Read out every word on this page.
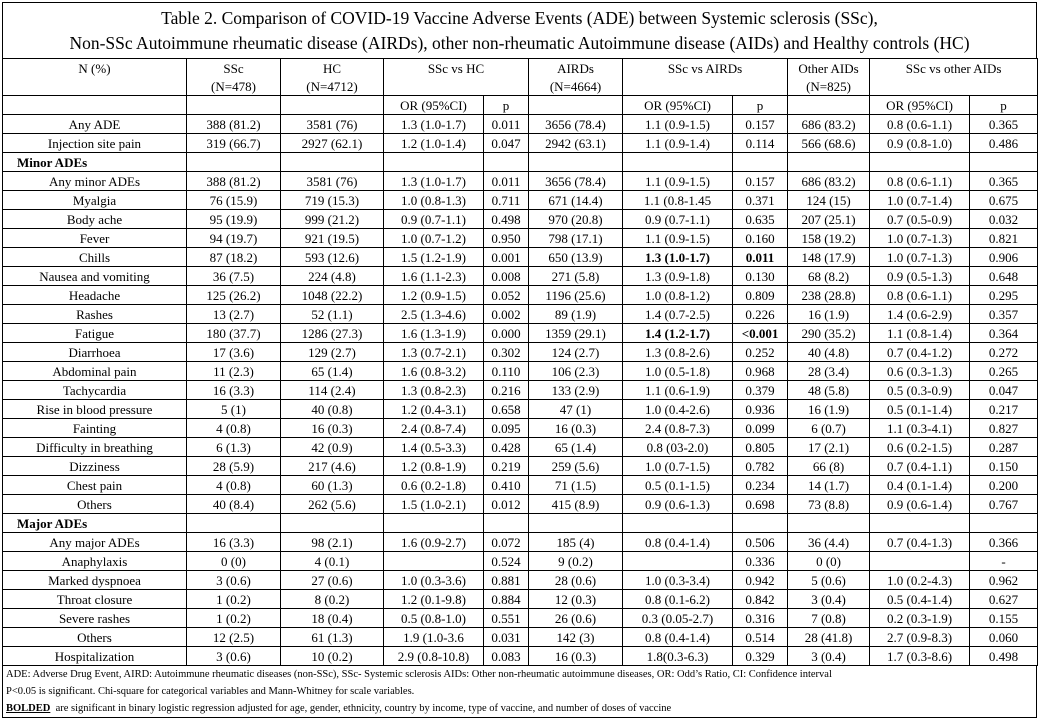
Table 2. Comparison of COVID-19 Vaccine Adverse Events (ADE) between Systemic sclerosis (SSc),
Non-SSc Autoimmune rheumatic disease (AIRDs), other non-rheumatic Autoimmune disease (AIDs) and Healthy controls (HC)
N (%)	SSc	HC	SSc vs HC		AIRDs	SSc vs AIRDs		Other AIDs	SSc vs other AIDs	
	(N=478)	(N=4712)			(N=4664)			(N=825)		
			OR (95%CI)	p		OR (95%CI)	p		OR (95%CI)	p
Any ADE	388 (81.2)	3581 (76)	1.3 (1.0-1.7)	0.011	3656 (78.4)	1.1 (0.9-1.5)	0.157	686 (83.2)	0.8 (0.6-1.1)	0.365
Injection site pain	319 (66.7)	2927 (62.1)	1.2 (1.0-1.4)	0.047	2942 (63.1)	1.1 (0.9-1.4)	0.114	566 (68.6)	0.9 (0.8-1.0)	0.486
Minor ADEs										
Any minor ADEs	388 (81.2)	3581 (76)	1.3 (1.0-1.7)	0.011	3656 (78.4)	1.1 (0.9-1.5)	0.157	686 (83.2)	0.8 (0.6-1.1)	0.365
Myalgia	76 (15.9)	719 (15.3)	1.0 (0.8-1.3)	0.711	671 (14.4)	1.1 (0.8-1.45	0.371	124 (15)	1.0 (0.7-1.4)	0.675
Body ache	95 (19.9)	999 (21.2)	0.9 (0.7-1.1)	0.498	970 (20.8)	0.9 (0.7-1.1)	0.635	207 (25.1)	0.7 (0.5-0.9)	0.032
Fever	94 (19.7)	921 (19.5)	1.0 (0.7-1.2)	0.950	798 (17.1)	1.1 (0.9-1.5)	0.160	158 (19.2)	1.0 (0.7-1.3)	0.821
Chills	87 (18.2)	593 (12.6)	1.5 (1.2-1.9)	0.001	650 (13.9)	1.3 (1.0-1.7)	0.011	148 (17.9)	1.0 (0.7-1.3)	0.906
Nausea and vomiting	36 (7.5)	224 (4.8)	1.6 (1.1-2.3)	0.008	271 (5.8)	1.3 (0.9-1.8)	0.130	68 (8.2)	0.9 (0.5-1.3)	0.648
Headache	125 (26.2)	1048 (22.2)	1.2 (0.9-1.5)	0.052	1196 (25.6)	1.0 (0.8-1.2)	0.809	238 (28.8)	0.8 (0.6-1.1)	0.295
Rashes	13 (2.7)	52 (1.1)	2.5 (1.3-4.6)	0.002	89 (1.9)	1.4 (0.7-2.5)	0.226	16 (1.9)	1.4 (0.6-2.9)	0.357
Fatigue	180 (37.7)	1286 (27.3)	1.6 (1.3-1.9)	0.000	1359 (29.1)	1.4 (1.2-1.7)	<0.001	290 (35.2)	1.1 (0.8-1.4)	0.364
Diarrhoea	17 (3.6)	129 (2.7)	1.3 (0.7-2.1)	0.302	124 (2.7)	1.3 (0.8-2.6)	0.252	40 (4.8)	0.7 (0.4-1.2)	0.272
Abdominal pain	11 (2.3)	65 (1.4)	1.6 (0.8-3.2)	0.110	106 (2.3)	1.0 (0.5-1.8)	0.968	28 (3.4)	0.6 (0.3-1.3)	0.265
Tachycardia	16 (3.3)	114 (2.4)	1.3 (0.8-2.3)	0.216	133 (2.9)	1.1 (0.6-1.9)	0.379	48 (5.8)	0.5 (0.3-0.9)	0.047
Rise in blood pressure	5 (1)	40 (0.8)	1.2 (0.4-3.1)	0.658	47 (1)	1.0 (0.4-2.6)	0.936	16 (1.9)	0.5 (0.1-1.4)	0.217
Fainting	4 (0.8)	16 (0.3)	2.4 (0.8-7.4)	0.095	16 (0.3)	2.4 (0.8-7.3)	0.099	6 (0.7)	1.1 (0.3-4.1)	0.827
Difficulty in breathing	6 (1.3)	42 (0.9)	1.4 (0.5-3.3)	0.428	65 (1.4)	0.8 (03-2.0)	0.805	17 (2.1)	0.6 (0.2-1.5)	0.287
Dizziness	28 (5.9)	217 (4.6)	1.2 (0.8-1.9)	0.219	259 (5.6)	1.0 (0.7-1.5)	0.782	66 (8)	0.7 (0.4-1.1)	0.150
Chest pain	4 (0.8)	60 (1.3)	0.6 (0.2-1.8)	0.410	71 (1.5)	0.5 (0.1-1.5)	0.234	14 (1.7)	0.4 (0.1-1.4)	0.200
Others	40 (8.4)	262 (5.6)	1.5 (1.0-2.1)	0.012	415 (8.9)	0.9 (0.6-1.3)	0.698	73 (8.8)	0.9 (0.6-1.4)	0.767
Major ADEs										
Any major ADEs	16 (3.3)	98 (2.1)	1.6 (0.9-2.7)	0.072	185 (4)	0.8 (0.4-1.4)	0.506	36 (4.4)	0.7 (0.4-1.3)	0.366
Anaphylaxis	0 (0)	4 (0.1)		0.524	9 (0.2)		0.336	0 (0)		-
Marked dyspnoea	3 (0.6)	27 (0.6)	1.0 (0.3-3.6)	0.881	28 (0.6)	1.0 (0.3-3.4)	0.942	5 (0.6)	1.0 (0.2-4.3)	0.962
Throat closure	1 (0.2)	8 (0.2)	1.2 (0.1-9.8)	0.884	12 (0.3)	0.8 (0.1-6.2)	0.842	3 (0.4)	0.5 (0.4-1.4)	0.627
Severe rashes	1 (0.2)	18 (0.4)	0.5 (0.8-1.0)	0.551	26 (0.6)	0.3 (0.05-2.7)	0.316	7 (0.8)	0.2 (0.3-1.9)	0.155
Others	12 (2.5)	61 (1.3)	1.9 (1.0-3.6	0.031	142 (3)	0.8 (0.4-1.4)	0.514	28 (41.8)	2.7 (0.9-8.3)	0.060
Hospitalization	3 (0.6)	10 (0.2)	2.9 (0.8-10.8)	0.083	16 (0.3)	1.8(0.3-6.3)	0.329	3 (0.4)	1.7 (0.3-8.6)	0.498
ADE: Adverse Drug Event, AIRD: Autoimmune rheumatic diseases (non-SSc), SSc- Systemic sclerosis AIDs: Other non-rheumatic autoimmune diseases, OR: Odd’s Ratio, CI: Confidence interval
P<0.05 is significant. Chi-square for categorical variables and Mann-Whitney for scale variables.
BOLDED  are significant in binary logistic regression adjusted for age, gender, ethnicity, country by income, type of vaccine, and number of doses of vaccine
